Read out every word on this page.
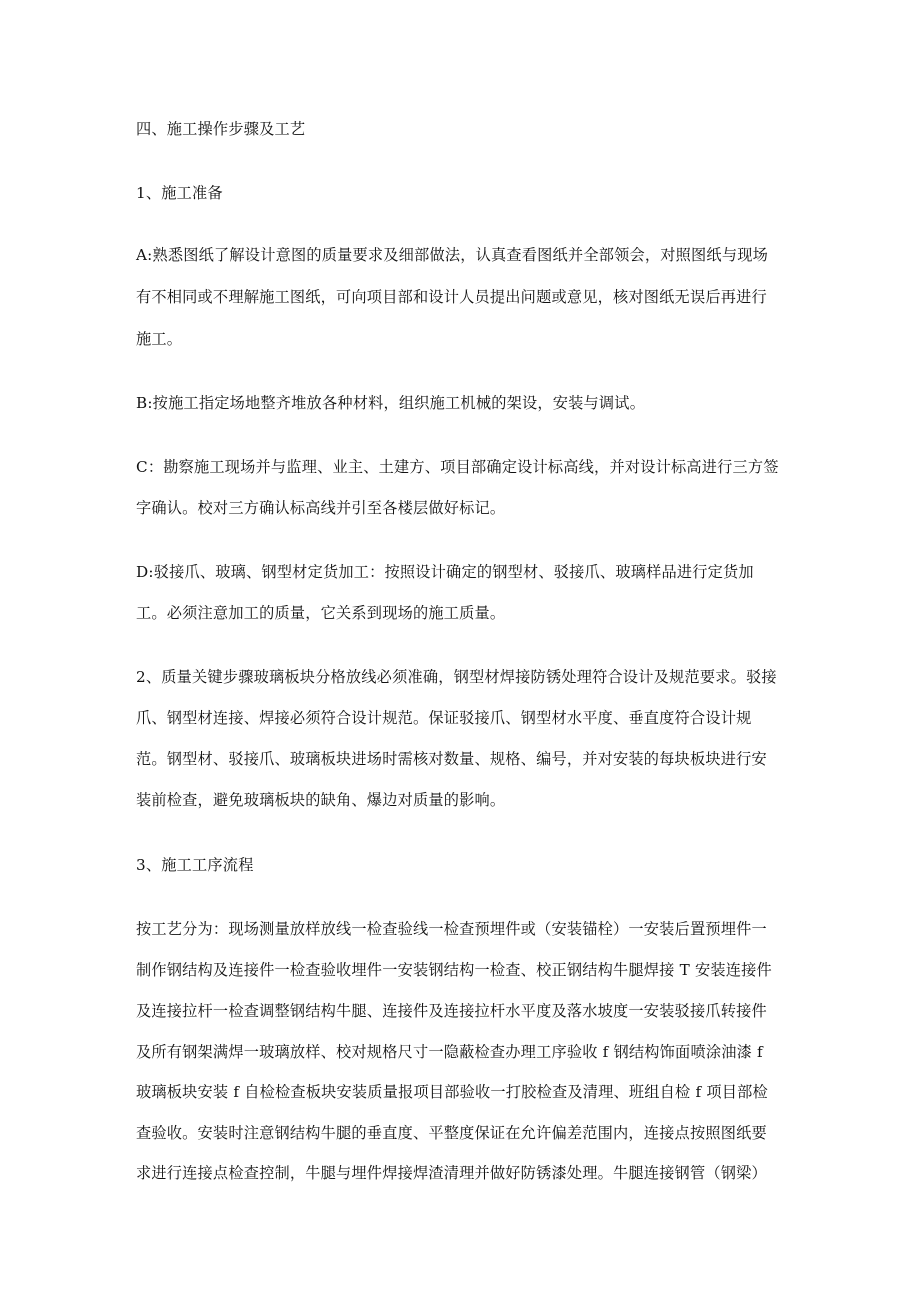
四、施工操作步骤及工艺
1、施工准备
A:熟悉图纸了解设计意图的质量要求及细部做法，认真查看图纸并全部领会，对照图纸与现场
有不相同或不理解施工图纸，可向项目部和设计人员提出问题或意见，核对图纸无误后再进行
施工。
B:按施工指定场地整齐堆放各种材料，组织施工机械的架设，安装与调试。
C：勘察施工现场并与监理、业主、土建方、项目部确定设计标高线，并对设计标高进行三方签
字确认。校对三方确认标高线并引至各楼层做好标记。
D:驳接爪、玻璃、钢型材定货加工：按照设计确定的钢型材、驳接爪、玻璃样品进行定货加
工。必须注意加工的质量，它关系到现场的施工质量。
2、质量关键步骤玻璃板块分格放线必须准确，钢型材焊接防锈处理符合设计及规范要求。驳接
爪、钢型材连接、焊接必须符合设计规范。保证驳接爪、钢型材水平度、垂直度符合设计规
范。钢型材、驳接爪、玻璃板块进场时需核对数量、规格、编号，并对安装的每块板块进行安
装前检查，避免玻璃板块的缺角、爆边对质量的影响。
3、施工工序流程
按工艺分为：现场测量放样放线一检查验线一检查预埋件或（安装锚栓）一安装后置预埋件一
制作钢结构及连接件一检查验收埋件一安装钢结构一检查、校正钢结构牛腿焊接 T 安装连接件
及连接拉杆一检查调整钢结构牛腿、连接件及连接拉杆水平度及落水坡度一安装驳接爪转接件
及所有钢架满焊一玻璃放样、校对规格尺寸一隐蔽检查办理工序验收 f 钢结构饰面喷涂油漆 f
玻璃板块安装 f 自检检查板块安装质量报项目部验收一打胶检查及清理、班组自检 f 项目部检
查验收。安装时注意钢结构牛腿的垂直度、平整度保证在允许偏差范围内，连接点按照图纸要
求进行连接点检查控制，牛腿与埋件焊接焊渣清理并做好防锈漆处理。牛腿连接钢管（钢梁）
